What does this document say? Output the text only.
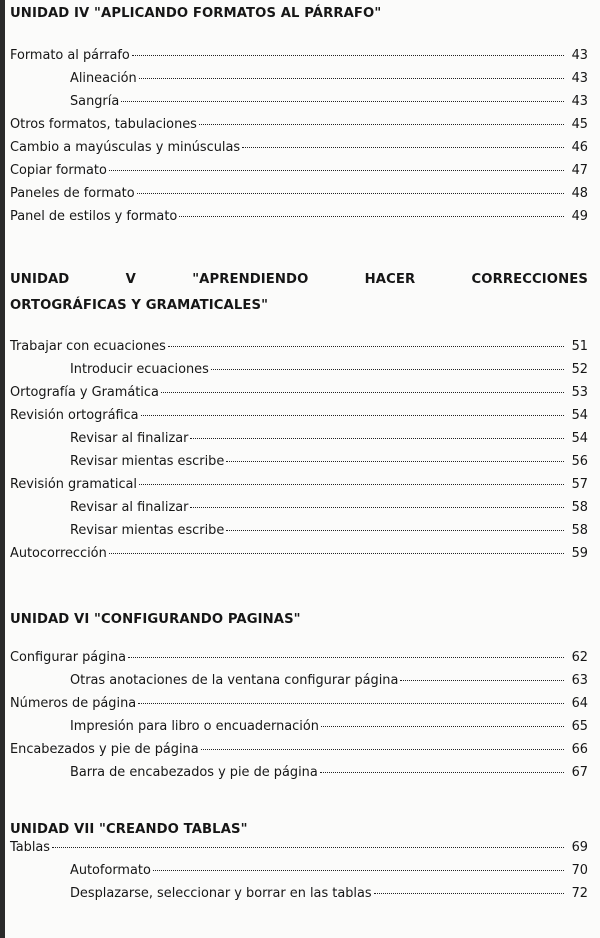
UNIDAD IV "APLICANDO FORMATOS AL PÁRRAFO"
Formato al párrafo	43
Alineación	43
Sangría	43
Otros formatos, tabulaciones	45
Cambio a mayúsculas y minúsculas	46
Copiar formato	47
Paneles de formato	48
Panel de estilos y formato	49
UNIDAD	V	"APRENDIENDO	HACER	CORRECCIONES
ORTOGRÁFICAS Y GRAMATICALES"
Trabajar con ecuaciones	51
Introducir ecuaciones	52
Ortografía y Gramática	53
Revisión ortográfica	54
Revisar al finalizar	54
Revisar mientas escribe	56
Revisión gramatical	57
Revisar al finalizar	58
Revisar mientas escribe	58
Autocorrección	59
UNIDAD VI "CONFIGURANDO PAGINAS"
Configurar página	62
Otras anotaciones de la ventana configurar página	63
Números de página	64
Impresión para libro o encuadernación	65
Encabezados y pie de página	66
Barra de encabezados y pie de página	67
UNIDAD VII "CREANDO TABLAS"
Tablas	69
Autoformato	70
Desplazarse, seleccionar y borrar en las tablas	72
